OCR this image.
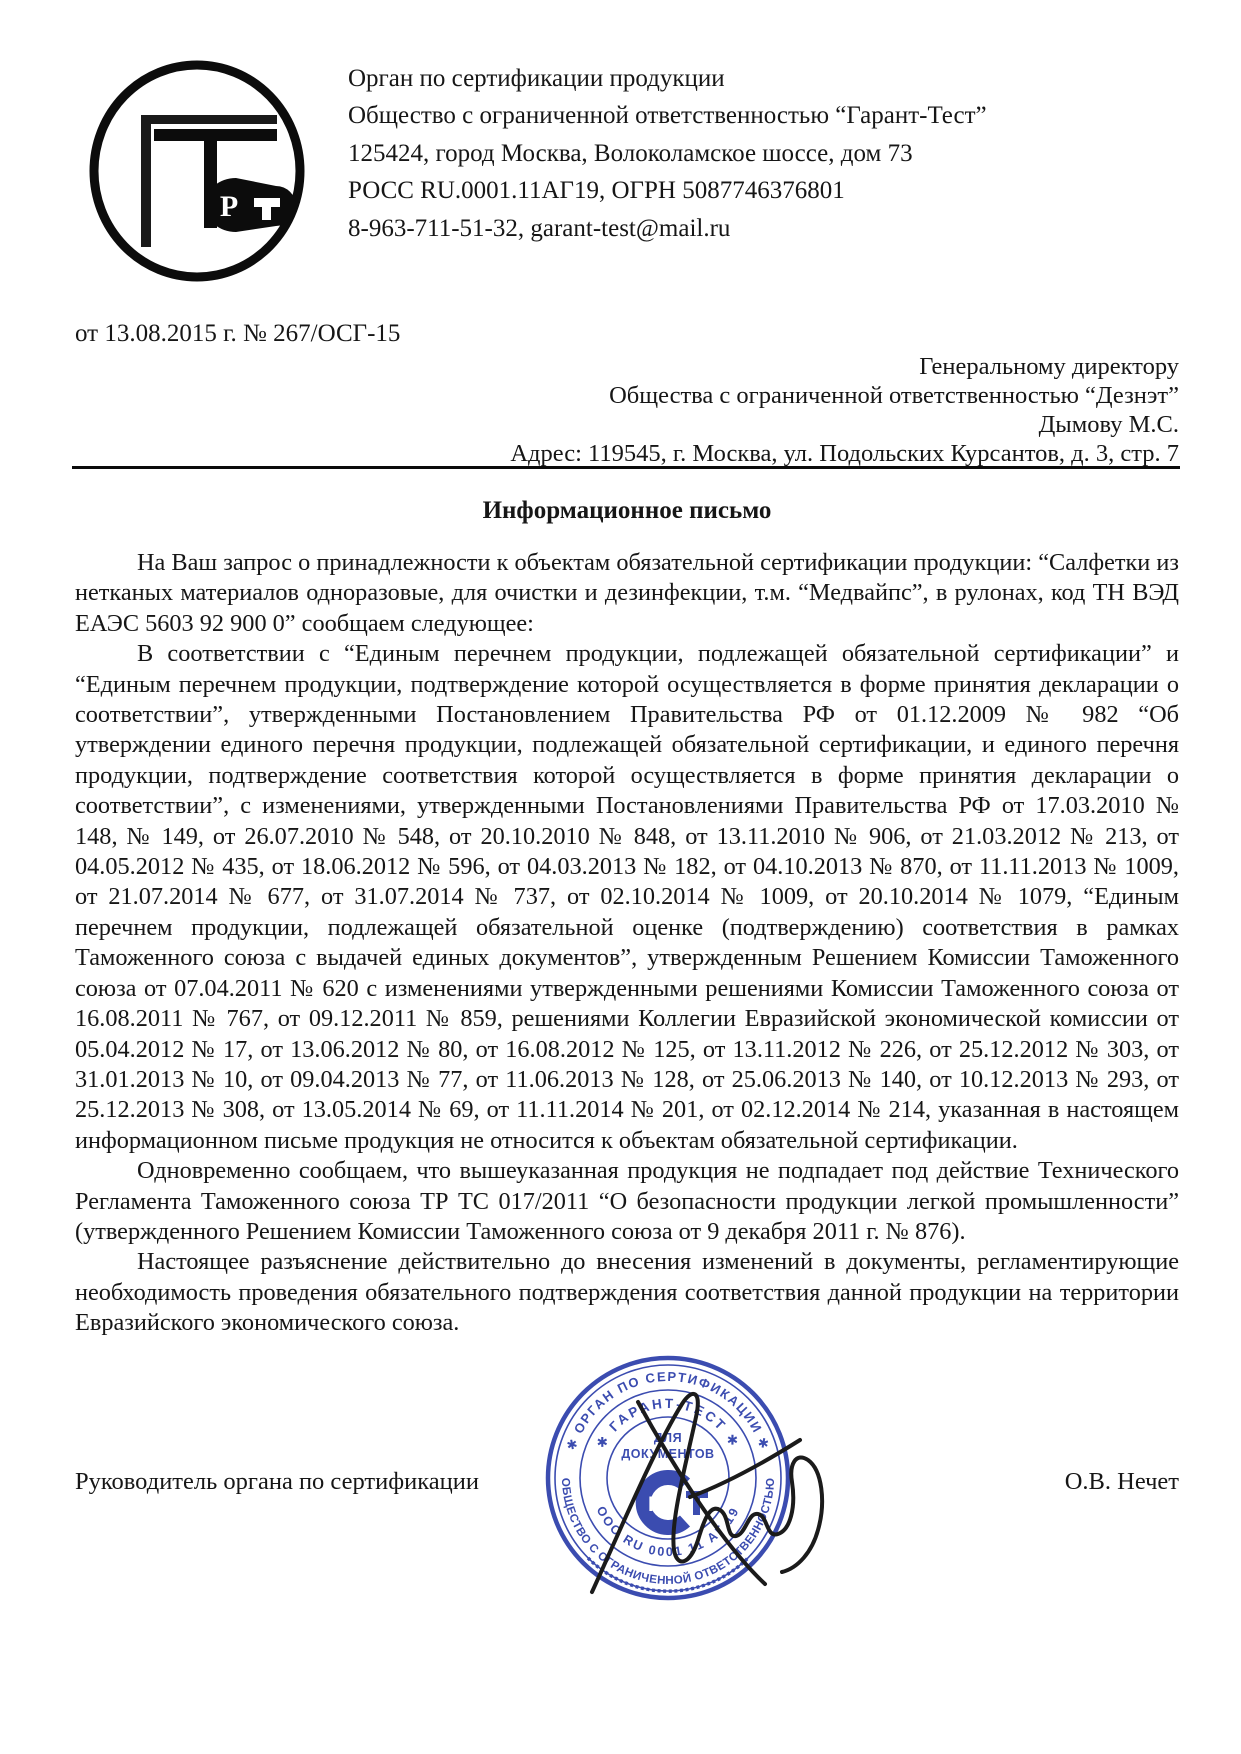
Р
Орган по сертификации продукции
Общество с ограниченной ответственностью “Гарант-Тест”
125424, город Москва, Волоколамское шоссе, дом 73
РОСС RU.0001.11АГ19, ОГРН 5087746376801
8-963-711-51-32, garant-test@mail.ru
от 13.08.2015 г. № 267/ОСГ-15
Генеральному директору
Общества с ограниченной ответственностью “Дезнэт”
Дымову М.С.
Адрес: 119545, г. Москва, ул. Подольских Курсантов, д. 3, стр. 7
Информационное письмо

На Ваш запрос о принадлежности к объектам обязательной сертификации продукции: “Салфетки из нетканых материалов одноразовые, для очистки и дезинфекции, т.м. “Медвайпс”, в рулонах, код ТН ВЭД ЕАЭС 5603 92 900 0” сообщаем следующее:

В соответствии с “Единым перечнем продукции, подлежащей обязательной сертификации” и “Единым перечнем продукции, подтверждение которой осуществляется в форме принятия декларации о соответствии”, утвержденными Постановлением Правительства РФ от 01.12.2009 № 982 “Об утверждении единого перечня продукции, подлежащей обязательной сертификации, и единого перечня продукции, подтверждение соответствия которой осуществляется в форме принятия декларации о соответствии”, с изменениями, утвержденными Постановлениями Правительства РФ от 17.03.2010 № 148, № 149, от 26.07.2010 № 548, от 20.10.2010 № 848, от 13.11.2010 № 906, от 21.03.2012 № 213, от 04.05.2012 № 435, от 18.06.2012 № 596, от 04.03.2013 № 182, от 04.10.2013 № 870, от 11.11.2013 № 1009, от 21.07.2014 № 677, от 31.07.2014 № 737, от 02.10.2014 № 1009, от 20.10.2014 № 1079, “Единым перечнем продукции, подлежащей обязательной оценке (подтверждению) соответствия в рамках Таможенного союза с выдачей единых документов”, утвержденным Решением Комиссии Таможенного союза от 07.04.2011 № 620 с изменениями утвержденными решениями Комиссии Таможенного союза от 16.08.2011 № 767, от 09.12.2011 № 859, решениями Коллегии Евразийской экономической комиссии от 05.04.2012 № 17, от 13.06.2012 № 80, от 16.08.2012 № 125, от 13.11.2012 № 226, от 25.12.2012 № 303, от 31.01.2013 № 10, от 09.04.2013 № 77, от 11.06.2013 № 128, от 25.06.2013 № 140, от 10.12.2013 № 293, от 25.12.2013 № 308, от 13.05.2014 № 69, от 11.11.2014 № 201, от 02.12.2014 № 214, указанная в настоящем информационном письме продукция не относится к объектам обязательной сертификации.

Одновременно сообщаем, что вышеуказанная продукция не подпадает под действие Технического Регламента Таможенного союза ТР ТС 017/2011 “О безопасности продукции легкой промышленности” (утвержденного Решением Комиссии Таможенного союза от 9 декабря 2011 г. № 876).

Настоящее разъяснение действительно до внесения изменений в документы, регламентирующие необходимость проведения обязательного подтверждения соответствия данной продукции на территории Евразийского экономического союза.

Руководитель органа по сертификации	О.В. Нечет
✱ ОРГАН ПО СЕРТИФИКАЦИИ ✱
ОБЩЕСТВО С ОГРАНИЧЕННОЙ ОТВЕТСТВЕННОСТЬЮ
✱ ГАРАНТ-ТЕСТ ✱
ООО RU 0001 11 АГ 19
ДЛЯ
ДОКУМЕНТОВ
Р
